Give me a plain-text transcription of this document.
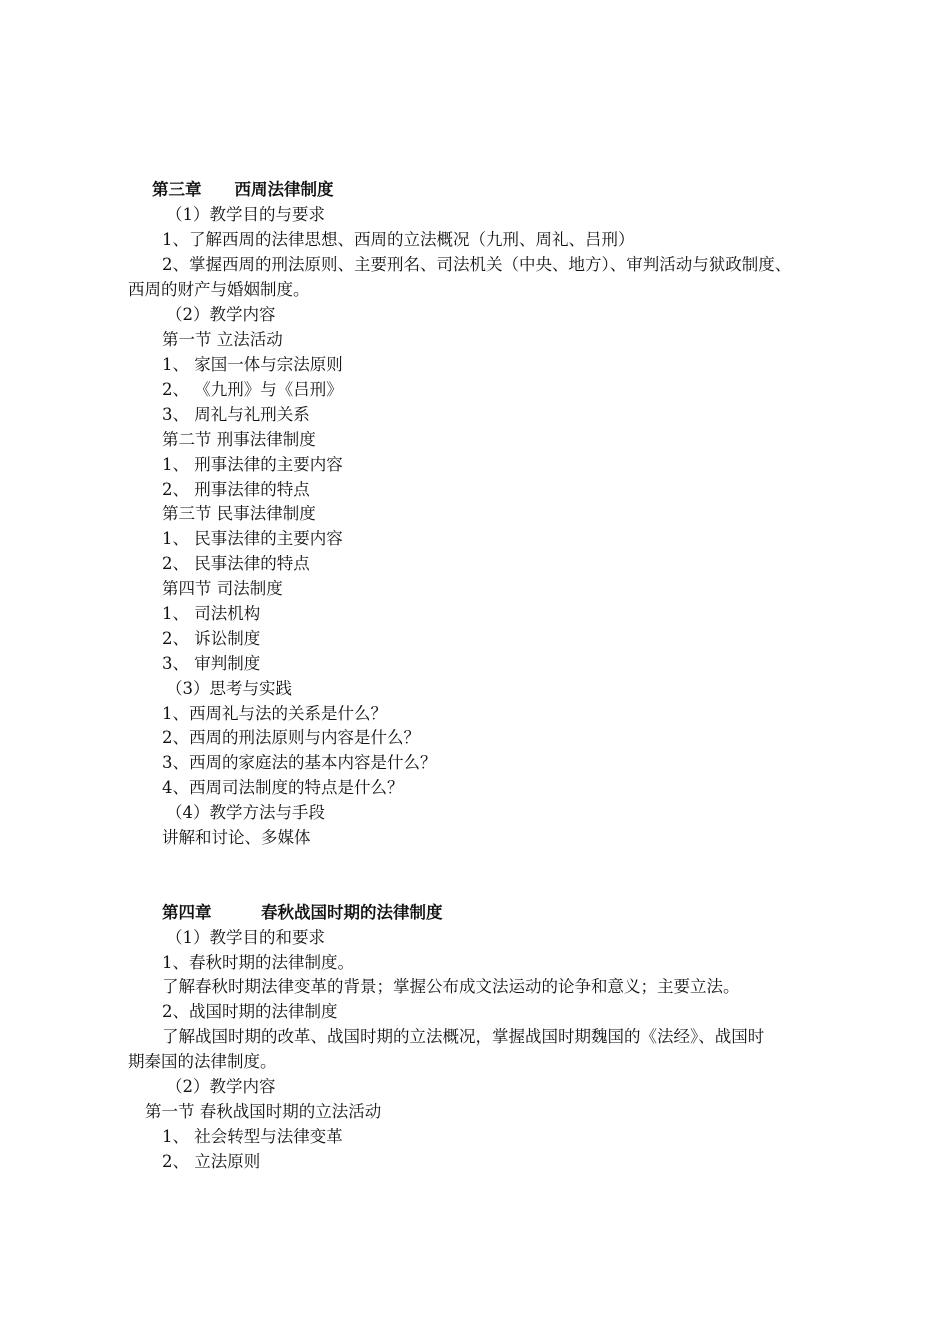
第三章　　西周法律制度
（1）教学目的与要求
1、了解西周的法律思想、西周的立法概况（九刑、周礼、吕刑）
2、掌握西周的刑法原则、主要刑名、司法机关（中央、地方）、审判活动与狱政制度、
西周的财产与婚姻制度。
（2）教学内容
第一节 立法活动
1、 家国一体与宗法原则
2、 《九刑》与《吕刑》
3、 周礼与礼刑关系
第二节 刑事法律制度
1、 刑事法律的主要内容
2、 刑事法律的特点
第三节 民事法律制度
1、 民事法律的主要内容
2、 民事法律的特点
第四节 司法制度
1、 司法机构
2、 诉讼制度
3、 审判制度
（3）思考与实践
1、西周礼与法的关系是什么？
2、西周的刑法原则与内容是什么？
3、西周的家庭法的基本内容是什么？
4、西周司法制度的特点是什么？
（4）教学方法与手段
讲解和讨论、多媒体
第四章　　　春秋战国时期的法律制度
（1）教学目的和要求
1、春秋时期的法律制度。
了解春秋时期法律变革的背景；掌握公布成文法运动的论争和意义；主要立法。
2、战国时期的法律制度
了解战国时期的改革、战国时期的立法概况，掌握战国时期魏国的《法经》、战国时
期秦国的法律制度。
（2）教学内容
第一节 春秋战国时期的立法活动
1、 社会转型与法律变革
2、 立法原则
